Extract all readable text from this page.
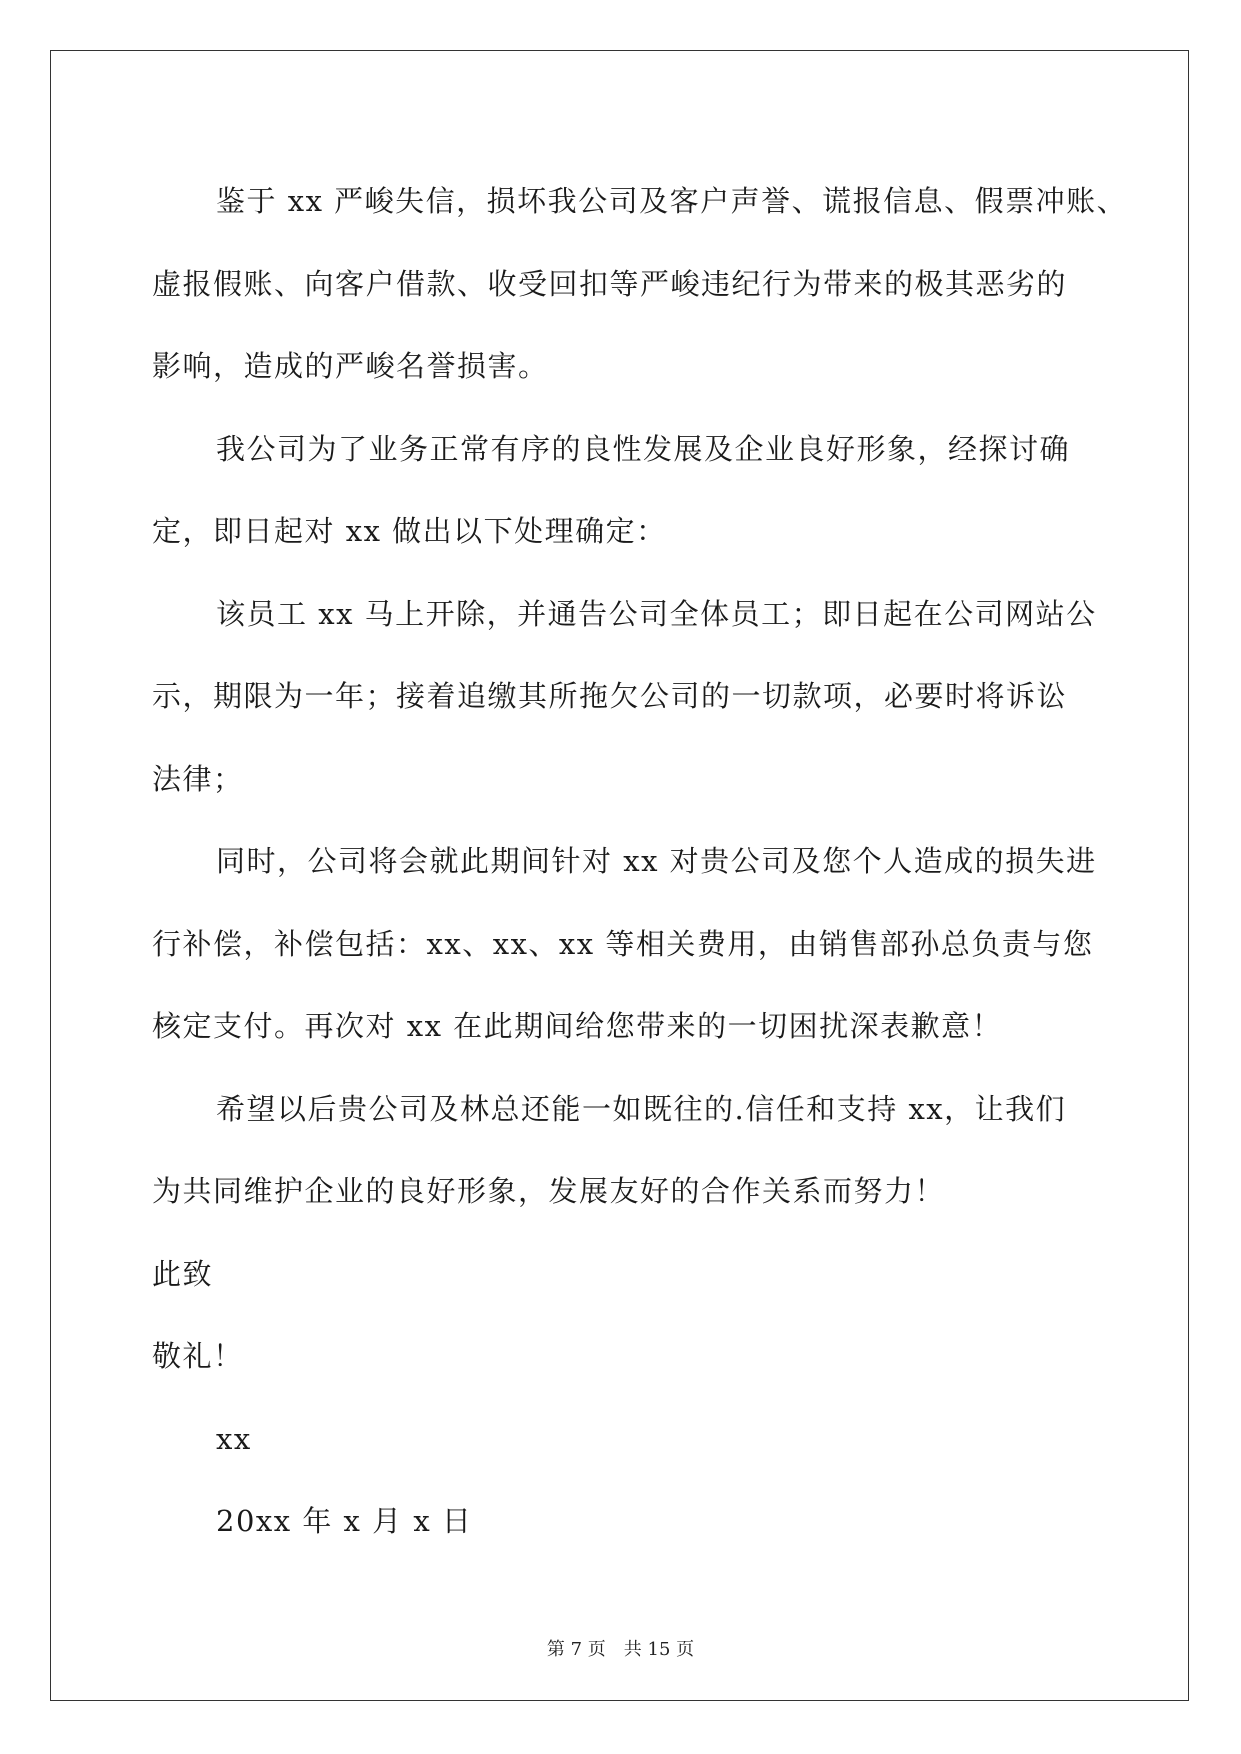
鉴于 xx 严峻失信，损坏我公司及客户声誉、谎报信息、假票冲账、
虚报假账、向客户借款、收受回扣等严峻违纪行为带来的极其恶劣的
影响，造成的严峻名誉损害。
我公司为了业务正常有序的良性发展及企业良好形象，经探讨确
定，即日起对 xx 做出以下处理确定：
该员工 xx 马上开除，并通告公司全体员工；即日起在公司网站公
示，期限为一年；接着追缴其所拖欠公司的一切款项，必要时将诉讼
法律；
同时，公司将会就此期间针对 xx 对贵公司及您个人造成的损失进
行补偿，补偿包括：xx、xx、xx 等相关费用，由销售部孙总负责与您
核定支付。再次对 xx 在此期间给您带来的一切困扰深表歉意！
希望以后贵公司及林总还能一如既往的.信任和支持 xx，让我们
为共同维护企业的良好形象，发展友好的合作关系而努力！
此致
敬礼！
xx
20xx 年 x 月 x 日
第 7 页　共 15 页
